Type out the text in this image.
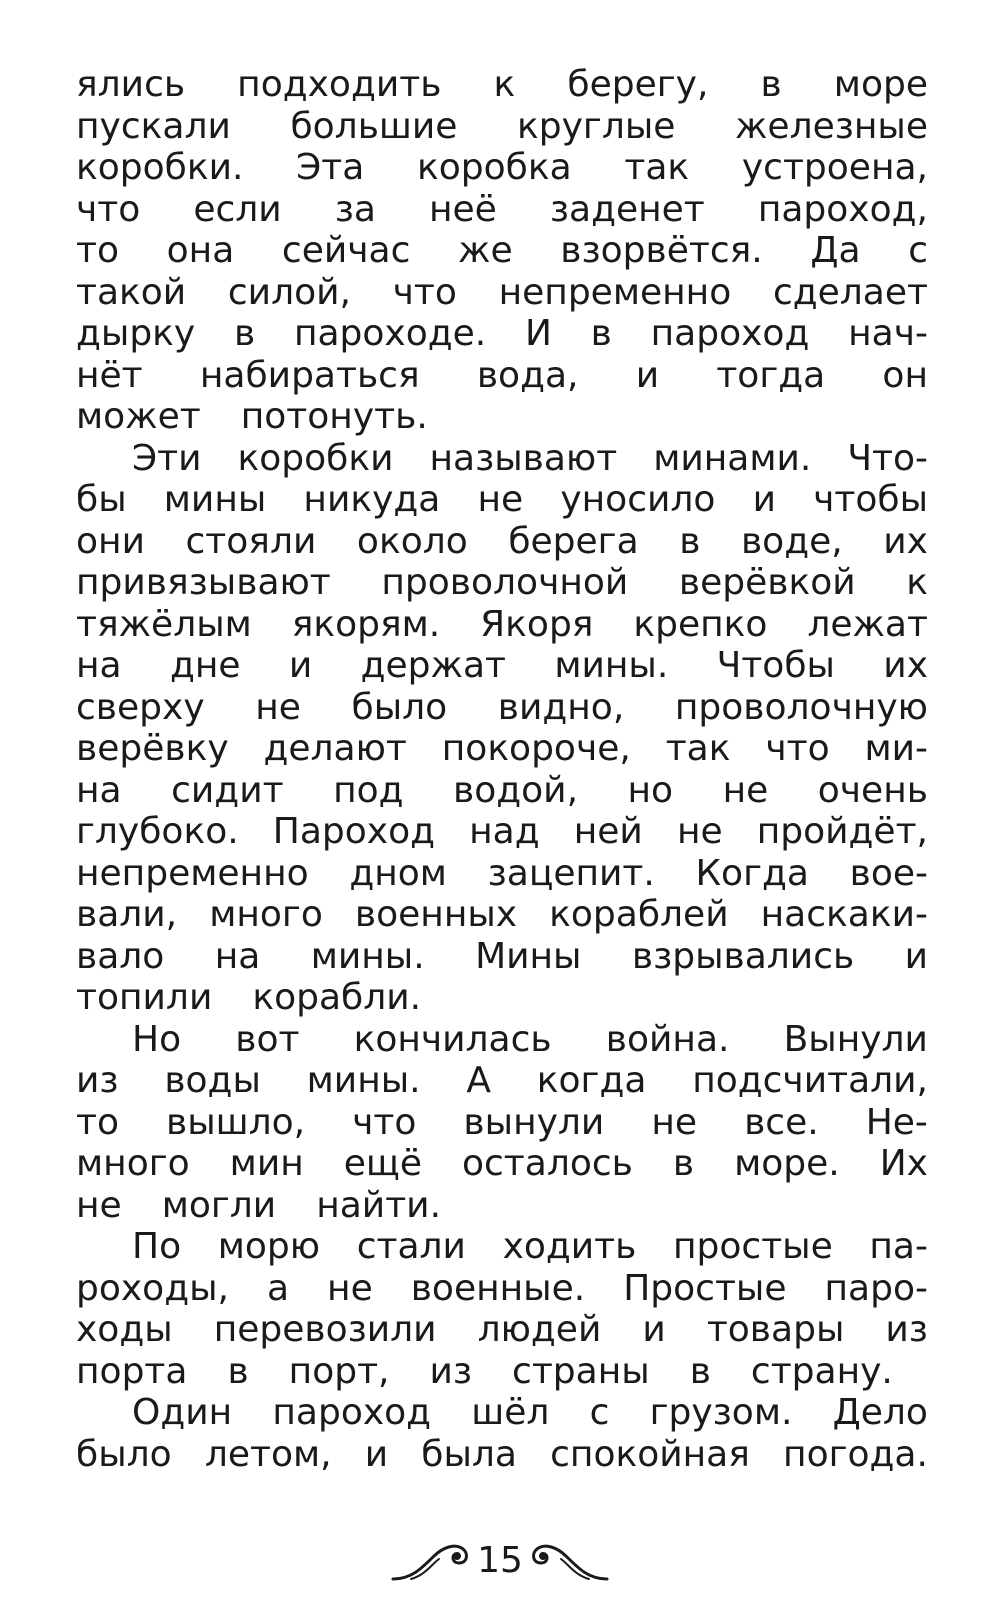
ялись подходить к берегу, в море
пускали большие круглые железные
коробки. Эта коробка так устроена,
что если за неё заденет пароход,
то она сейчас же взорвётся. Да с
такой силой, что непременно сделает
дырку в пароходе. И в пароход нач-
нёт набираться вода, и тогда он
может потонуть.
Эти коробки называют минами. Что-
бы мины никуда не уносило и чтобы
они стояли около берега в воде, их
привязывают проволочной верёвкой к
тяжёлым якорям. Якоря крепко лежат
на дне и держат мины. Чтобы их
сверху не было видно, проволочную
верёвку делают покороче, так что ми-
на сидит под водой, но не очень
глубоко. Пароход над ней не пройдёт,
непременно дном зацепит. Когда вое-
вали, много военных кораблей наскаки-
вало на мины. Мины взрывались и
топили корабли.
Но вот кончилась война. Вынули
из воды мины. А когда подсчитали,
то вышло, что вынули не все. Не-
много мин ещё осталось в море. Их
не могли найти.
По морю стали ходить простые па-
роходы, а не военные. Простые паро-
ходы перевозили людей и товары из
порта в порт, из страны в страну.
Один пароход шёл с грузом. Дело
было летом, и была спокойная погода.
15
